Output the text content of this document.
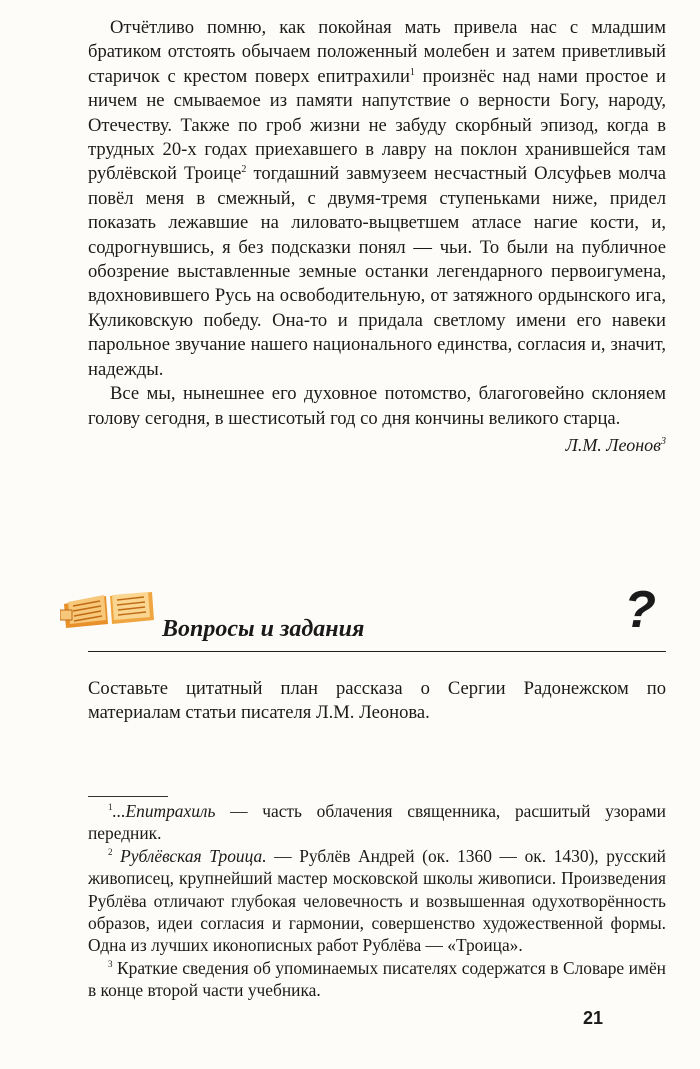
Отчётливо помню, как покойная мать привела нас с младшим братиком отстоять обычаем положенный молебен и затем приветливый старичок с крестом поверх епитрахили$^1$ произнёс над нами простое и ничем не смываемое из памяти напутствие о верности Богу, народу, Отечеству. Также по гроб жизни не забуду скорбный эпизод, когда в трудных 20-х годах приехавшего в лавру на поклон хранившейся там рублёвской Троице$^2$ тогдашний завмузеем несчастный Олсуфьев молча повёл меня в смежный, с двумя-тремя ступеньками ниже, придел показать лежавшие на лиловато-выцветшем атласе нагие кости, и, содрогнувшись, я без подсказки понял — чьи. То были на публичное обозрение выставленные земные останки легендарного первоигумена, вдохновившего Русь на освободительную, от затяжного ордынского ига, Куликовскую победу. Она-то и придала светлому имени его навеки парольное звучание нашего национального единства, согласия и, значит, надежды.

Все мы, нынешнее его духовное потомство, благоговейно склоняем голову сегодня, в шестисотый год со дня кончины великого старца.

Л.М. Леонов$^3$
Вопросы и задания	?

Составьте цитатный план рассказа о Сергии Радонежском по материалам статьи писателя Л.М. Леонова.

$^1$...Епитрахиль — часть облачения священника, расшитый узорами передник.

$^2$ Рублёвская Троица. — Рублёв Андрей (ок. 1360 — ок. 1430), русский живописец, крупнейший мастер московской школы живописи. Произведения Рублёва отличают глубокая человечность и возвышенная одухотворённость образов, идеи согласия и гармонии, совершенство художественной формы. Одна из лучших иконописных работ Рублёва — «Троица».

$^3$ Краткие сведения об упоминаемых писателях содержатся в Словаре имён в конце второй части учебника.

21
